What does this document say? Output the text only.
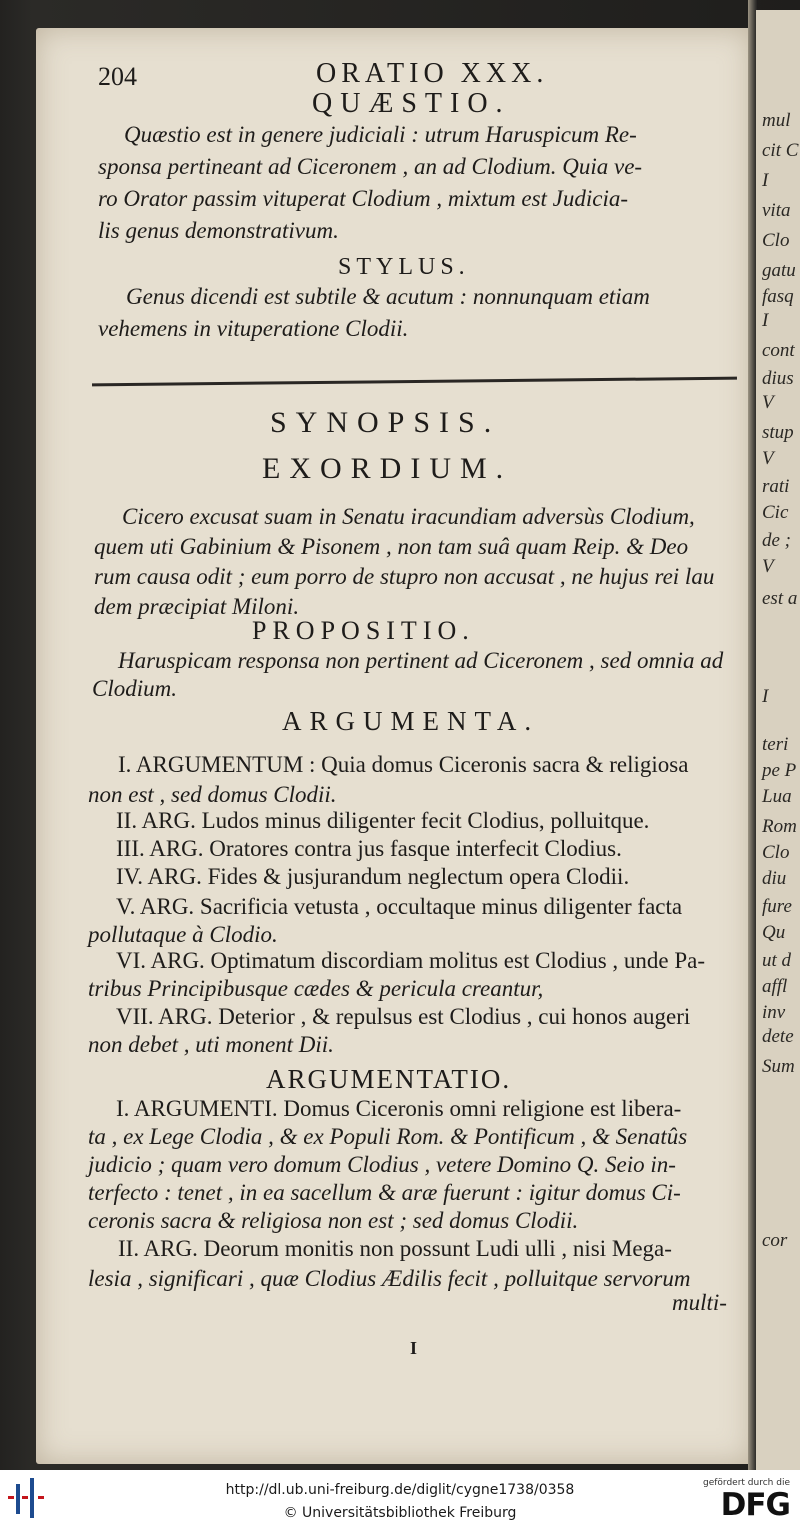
mul
cit C
I
vita
Clo
gatu
fasq
I
cont
dius
V
stup
V
rati
Cic
de ;
V
est a
I
teri
pe P
Lua
Rom
Clo
diu
fure
Qu
ut d
affl
inv
dete
Sum
cor
204	ORATIO XXX.
QUÆSTIO.
Quæstio est in genere judiciali : utrum Haruspicum Re-
sponsa pertineant ad Ciceronem , an ad Clodium. Quia ve-
ro Orator passim vituperat Clodium , mixtum est Judicia-
lis genus demonstrativum.
STYLUS.
Genus dicendi est subtile & acutum : nonnunquam etiam
vehemens in vituperatione Clodii.
SYNOPSIS.
EXORDIUM.
Cicero excusat suam in Senatu iracundiam adversùs Clodium,
quem uti Gabinium & Pisonem , non tam suâ quam Reip. & Deo
rum causa odit ; eum porro de stupro non accusat , ne hujus rei lau
dem præcipiat Miloni.
PROPOSITIO.
Haruspicam responsa non pertinent ad Ciceronem , sed omnia ad
Clodium.
ARGUMENTA.
I. ARGUMENTUM : Quia domus Ciceronis sacra & religiosa
non est , sed domus Clodii.
II. ARG. Ludos minus diligenter fecit Clodius, polluitque.
III. ARG. Oratores contra jus fasque interfecit Clodius.
IV. ARG. Fides & jusjurandum neglectum opera Clodii.
V. ARG. Sacrificia vetusta , occultaque minus diligenter facta
pollutaque à Clodio.
VI. ARG. Optimatum discordiam molitus est Clodius , unde Pa-
tribus Principibusque cædes & pericula creantur,
VII. ARG. Deterior , & repulsus est Clodius , cui honos augeri
non debet , uti monent Dii.
ARGUMENTATIO.
I. ARGUMENTI. Domus Ciceronis omni religione est libera-
ta , ex Lege Clodia , & ex Populi Rom. & Pontificum , & Senatûs
judicio ; quam vero domum Clodius , vetere Domino Q. Seio in-
terfecto : tenet , in ea sacellum & aræ fuerunt : igitur domus Ci-
ceronis sacra & religiosa non est ; sed domus Clodii.
II. ARG. Deorum monitis non possunt Ludi ulli , nisi Mega-
lesia , significari , quæ Clodius Ædilis fecit , polluitque servorum
multi-
I
http://dl.ub.uni-freiburg.de/diglit/cygne1738/0358
© Universitätsbibliothek Freiburg
gefördert durch die
DFG
